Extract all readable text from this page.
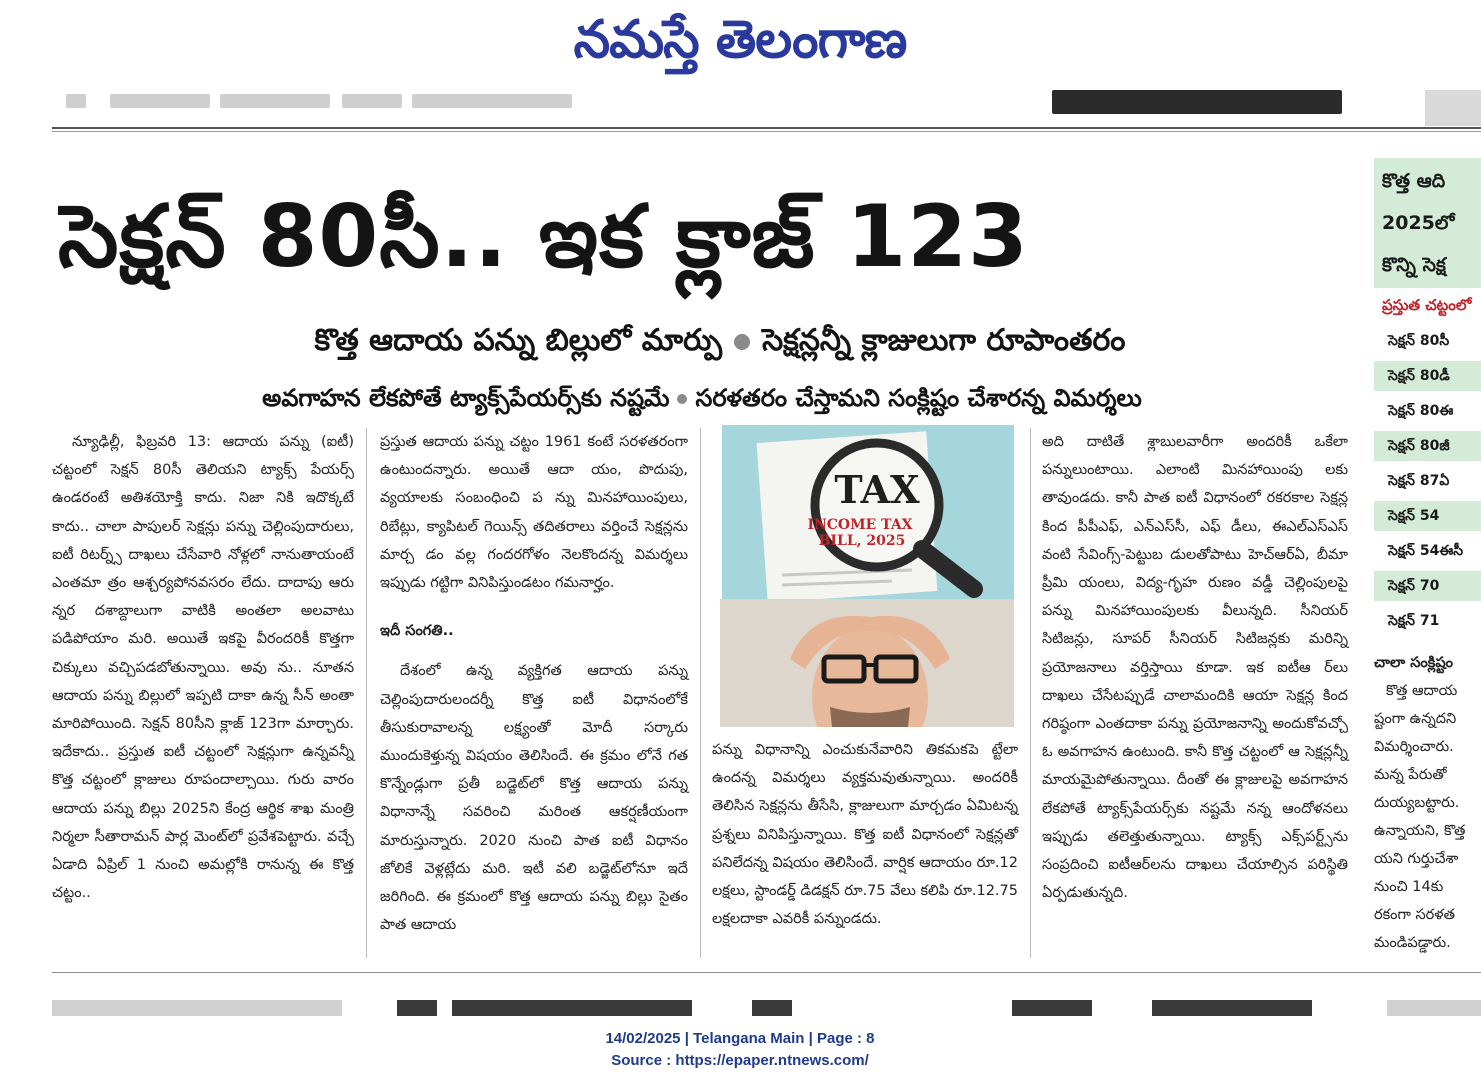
నమస్తే తెలంగాణ
సెక్షన్ 80సీ.. ఇక క్లాజ్ 123
కొత్త ఆదాయ పన్ను బిల్లులో మార్పు సెక్షన్లన్నీ క్లాజులుగా రూపాంతరం
అవగాహన లేకపోతే ట్యాక్స్‌పేయర్స్‌కు నష్టమే సరళతరం చేస్తామని సంక్లిష్టం చేశారన్న విమర్శలు

న్యూఢిల్లీ, ఫిబ్రవరి 13: ఆదాయ పన్ను (ఐటీ) చట్టంలో సెక్షన్ 80సీ తెలియని ట్యాక్స్ పేయర్స్ ఉండరంటే అతిశయోక్తి కాదు. నిజా నికి ఇదొక్కటే కాదు.. చాలా పాపులర్ సెక్షన్లు పన్ను చెల్లింపుదారులు, ఐటీ రిటర్న్స్ దాఖలు చేసేవారి నోళ్లలో నానుతాయంటే ఎంతమా త్రం ఆశ్చర్యపోనవసరం లేదు. దాదాపు ఆరు న్నర దశాబ్దాలుగా వాటికి అంతలా అలవాటు పడిపోయాం మరి. అయితే ఇకపై వీరందరికీ కొత్తగా చిక్కులు వచ్చిపడబోతున్నాయి. అవు ను.. నూతన ఆదాయ పన్ను బిల్లులో ఇప్పటి దాకా ఉన్న సీన్ అంతా మారిపోయింది. సెక్షన్ 80సీని క్లాజ్ 123గా మార్చారు. ఇదేకాదు.. ప్రస్తుత ఐటీ చట్టంలో సెక్షన్లుగా ఉన్నవన్నీ కొత్త చట్టంలో క్లాజులు రూపందాల్చాయి. గురు వారం ఆదాయ పన్ను బిల్లు 2025ని కేంద్ర ఆర్థిక శాఖ మంత్రి నిర్మలా సీతారామన్ పార్ల మెంట్‌లో ప్రవేశపెట్టారు. వచ్చే ఏడాది ఏప్రిల్ 1 నుంచి అమల్లోకి రానున్న ఈ కొత్త చట్టం..

ప్రస్తుత ఆదాయ పన్ను చట్టం 1961 కంటే సరళతరంగా ఉంటుందన్నారు. అయితే ఆదా యం, పొదుపు, వ్యయాలకు సంబంధించి ప న్ను మినహాయింపులు, రిబేట్లు, క్యాపిటల్ గెయిన్స్ తదితరాలు వర్తించే సెక్షన్లను మార్చ డం వల్ల గందరగోళం నెలకొందన్న విమర్శలు ఇప్పుడు గట్టిగా వినిపిస్తుండటం గమనార్హం.

ఇదీ సంగతి..

దేశంలో ఉన్న వ్యక్తిగత ఆదాయ పన్ను చెల్లింపుదారులందర్నీ కొత్త ఐటీ విధానంలోకే తీసుకురావాలన్న లక్ష్యంతో మోదీ సర్కారు ముందుకెళ్తున్న విషయం తెలిసిందే. ఈ క్రమం లోనే గత కొన్నేండ్లుగా ప్రతీ బడ్జెట్‌లో కొత్త ఆదాయ పన్ను విధానాన్నే సవరించి మరింత ఆకర్షణీయంగా మారుస్తున్నారు. 2020 నుంచి పాత ఐటీ విధానం జోలికే వెళ్లట్లేదు మరి. ఇటీ వలి బడ్జెట్‌లోనూ ఇదే జరిగింది. ఈ క్రమంలో కొత్త ఆదాయ పన్ను బిల్లు సైతం పాత ఆదాయ

TAX
INCOME TAX
BILL, 2025

పన్ను విధానాన్ని ఎంచుకునేవారిని తికమకపె ట్టేలా ఉందన్న విమర్శలు వ్యక్తమవుతున్నాయి. అందరికీ తెలిసిన సెక్షన్లను తీసేసి, క్లాజులుగా మార్చడం ఏమిటన్న ప్రశ్నలు వినిపిస్తున్నాయి. కొత్త ఐటీ విధానంలో సెక్షన్లతో పనిలేదన్న విషయం తెలిసిందే. వార్షిక ఆదాయం రూ.12 లక్షలు, స్టాండర్డ్ డిడక్షన్ రూ.75 వేలు కలిపి రూ.12.75 లక్షలదాకా ఎవరికీ పన్నుండదు.

అది దాటితే శ్లాబులవారీగా అందరికీ ఒకేలా పన్నులుంటాయి. ఎలాంటి మినహాయింపు లకు తావుండదు. కానీ పాత ఐటీ విధానంలో రకరకాల సెక్షన్ల కింద పీపీఎఫ్, ఎన్‌ఎస్‌సీ, ఎఫ్ డీలు, ఈఎల్‌ఎస్‌ఎస్ వంటి సేవింగ్స్-పెట్టుబ డులతోపాటు హెచ్‌ఆర్‌ఏ, బీమా ప్రీమి యంలు, విద్య-గృహ రుణం వడ్డీ చెల్లింపులపై పన్ను మినహాయింపులకు వీలున్నది. సీనియర్ సిటిజన్లు, సూపర్ సీనియర్ సిటిజన్లకు మరిన్ని ప్రయోజనాలు వర్తిస్తాయి కూడా. ఇక ఐటీఆ ర్‌లు దాఖలు చేసేటప్పుడే చాలామందికి ఆయా సెక్షన్ల కింద గరిష్ఠంగా ఎంతదాకా పన్ను ప్రయోజనాన్ని అందుకోవచ్చో ఓ అవగాహన ఉంటుంది. కానీ కొత్త చట్టంలో ఆ సెక్షన్లన్నీ మాయమైపోతున్నాయి. దీంతో ఈ క్లాజులపై అవగాహన లేకపోతే ట్యాక్స్‌పేయర్స్‌కు నష్టమే నన్న ఆందోళనలు ఇప్పుడు తలెత్తుతున్నాయి. ట్యాక్స్ ఎక్స్‌పర్ట్స్‌ను సంప్రదించి ఐటీఆర్‌లను దాఖలు చేయాల్సిన పరిస్థితి ఏర్పడుతున్నది.

కొత్త ఆది
2025లో
కొన్ని సెక్ష
ప్రస్తుత చట్టంలో
సెక్షన్ 80సీ
సెక్షన్ 80డీ
సెక్షన్ 80ఈ
సెక్షన్ 80జీ
సెక్షన్ 87ఏ
సెక్షన్ 54
సెక్షన్ 54ఈసీ
సెక్షన్ 70
సెక్షన్ 71
చాలా సంక్లిష్టం
కొత్త ఆదాయ
ష్టంగా ఉన్నదని
విమర్శించారు.
మన్న పేరుతో
దుయ్యబట్టారు.
ఉన్నాయని, కొత్త
యని గుర్తుచేశా
నుంచి 14కు
రకంగా సరళత
మండిపడ్డారు.
14/02/2025 | Telangana Main | Page : 8
Source : https://epaper.ntnews.com/
